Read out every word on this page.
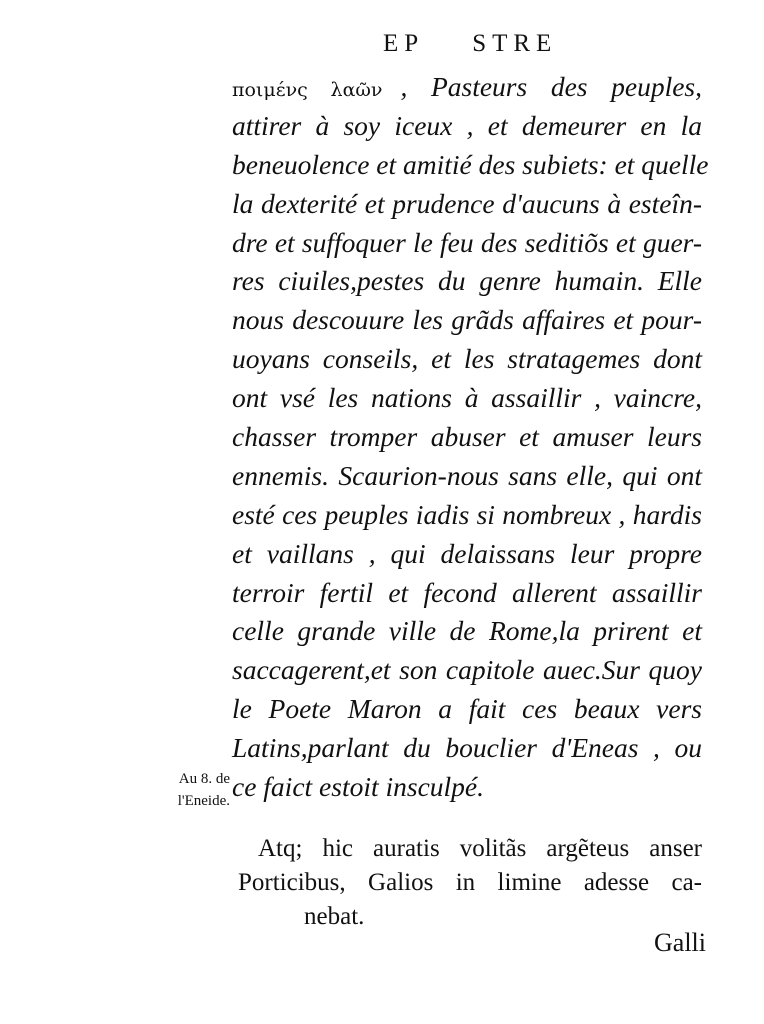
EP STRE
ποιμένς λαῶν , Pasteurs des peuples,
attirer à soy iceux , et demeurer en la
beneuolence et amitié des subiets: et quelle
la dexterité et prudence d'aucuns à esteîn-
dre et suffoquer le feu des seditiõs et guer-
res ciuiles,pestes du genre humain. Elle
nous descouure les grãds affaires et pour-
uoyans conseils, et les stratagemes dont
ont vsé les nations à assaillir , vaincre,
chasser tromper abuser et amuser leurs
ennemis. Scaurion-nous sans elle, qui ont
esté ces peuples iadis si nombreux , hardis
et vaillans , qui delaissans leur propre
terroir fertil et fecond allerent assaillir
celle grande ville de Rome,la prirent et
saccagerent,et son capitole auec.Sur quoy
le Poete Maron a fait ces beaux vers
Latins,parlant du bouclier d'Eneas , ou
ce faict estoit insculpé.
Au 8. de
l'Eneide.
Atq; hic auratis volitãs argẽteus anser
Porticibus, Galios in limine adesse ca-
nebat.
Galli
